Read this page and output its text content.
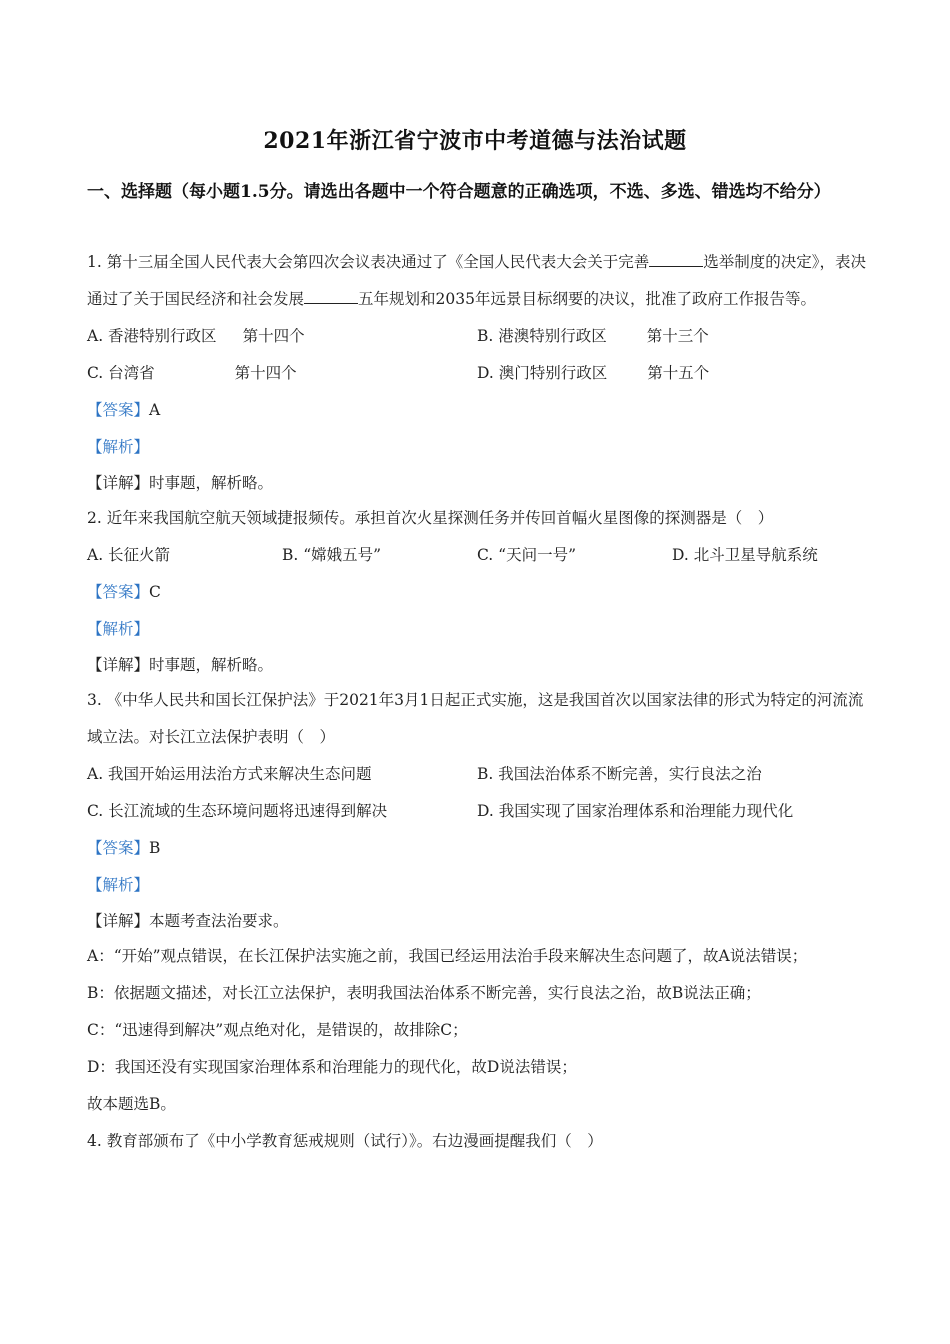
2021年浙江省宁波市中考道德与法治试题
一、选择题（每小题1.5分。请选出各题中一个符合题意的正确选项，不选、多选、错选均不给分）

1. 第十三届全国人民代表大会第四次会议表决通过了《全国人民代表大会关于完善	选举制度的决定》，表决通过了关于国民经济和社会发展	五年规划和2035年远景目标纲要的决议，批准了政府工作报告等。

A. 香港特别行政区 第十四个	B. 港澳特别行政区	第十三个
C. 台湾省	第十四个	D. 澳门特别行政区	第十五个

【答案】A

【解析】

【详解】时事题，解析略。

2. 近年来我国航空航天领域捷报频传。承担首次火星探测任务并传回首幅火星图像的探测器是（　）

A. 长征火箭	B. “嫦娥五号”	C. “天问一号”	D. 北斗卫星导航系统

【答案】C

【解析】

【详解】时事题，解析略。

3. 《中华人民共和国长江保护法》于2021年3月1日起正式实施，这是我国首次以国家法律的形式为特定的河流流域立法。对长江立法保护表明（　）

A. 我国开始运用法治方式来解决生态问题	B. 我国法治体系不断完善，实行良法之治
C. 长江流域的生态环境问题将迅速得到解决	D. 我国实现了国家治理体系和治理能力现代化

【答案】B

【解析】

【详解】本题考查法治要求。

A：“开始”观点错误，在长江保护法实施之前，我国已经运用法治手段来解决生态问题了，故A说法错误；

B：依据题文描述，对长江立法保护，表明我国法治体系不断完善，实行良法之治，故B说法正确；

C：“迅速得到解决”观点绝对化，是错误的，故排除C；

D：我国还没有实现国家治理体系和治理能力的现代化，故D说法错误；

故本题选B。

4. 教育部颁布了《中小学教育惩戒规则（试行）》。右边漫画提醒我们（　）
